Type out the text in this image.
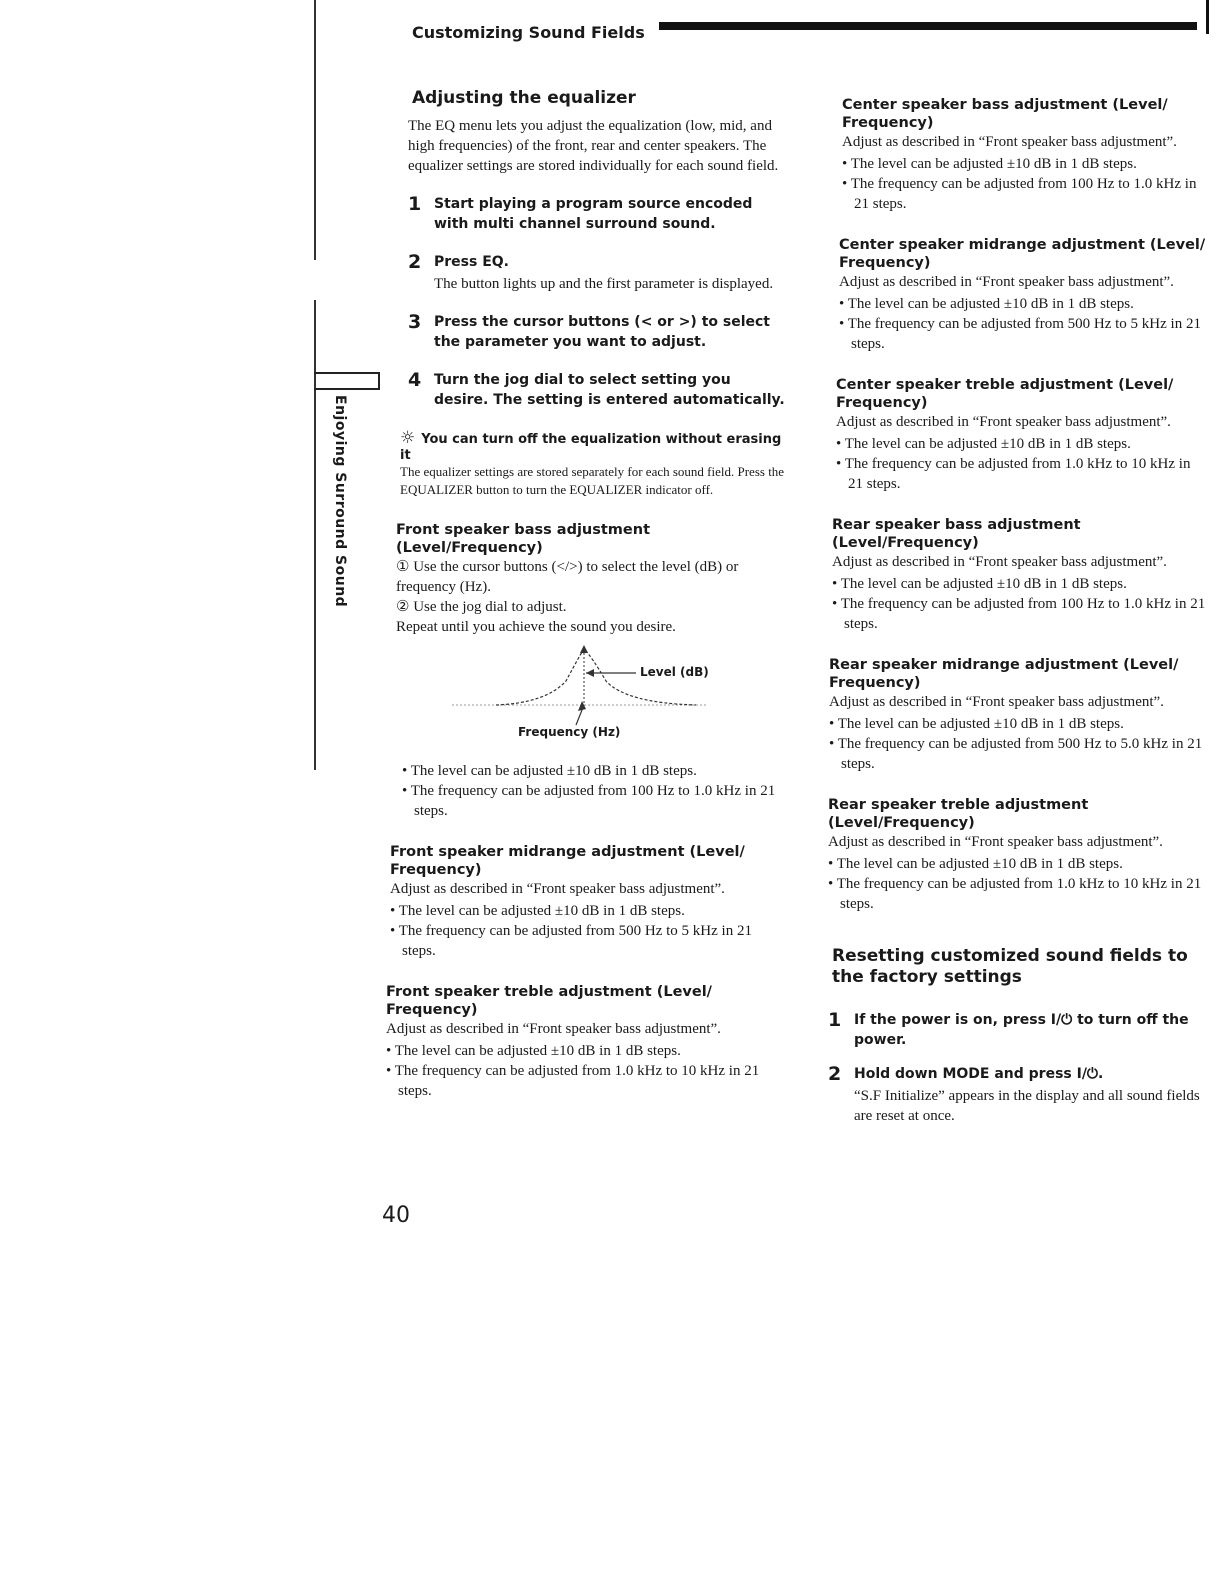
Customizing Sound Fields
Enjoying Surround Sound
Adjusting the equalizer

The EQ menu lets you adjust the equalization (low, mid, and high frequencies) of the front, rear and center speakers. The equalizer settings are stored individually for each sound field.

1 Start playing a program source encoded with multi channel surround sound.
2 Press EQ.
The button lights up and the first parameter is displayed.
3 Press the cursor buttons (< or >) to select the parameter you want to adjust.
4 Turn the jog dial to select setting you desire. The setting is entered automatically.
☼ You can turn off the equalization without erasing it
The equalizer settings are stored separately for each sound field. Press the EQUALIZER button to turn the EQUALIZER indicator off.

Front speaker bass adjustment (Level/Frequency)

① Use the cursor buttons (</>) to select the level (dB) or frequency (Hz).

② Use the jog dial to adjust.

Repeat until you achieve the sound you desire.

Level (dB)
Frequency (Hz)
• The level can be adjusted ±10 dB in 1 dB steps.
• The frequency can be adjusted from 100 Hz to 1.0 kHz in 21 steps.

Front speaker midrange adjustment (Level/ Frequency)

Adjust as described in “Front speaker bass adjustment”.

• The level can be adjusted ±10 dB in 1 dB steps.
• The frequency can be adjusted from 500 Hz to 5 kHz in 21 steps.

Front speaker treble adjustment (Level/ Frequency)

Adjust as described in “Front speaker bass adjustment”.

• The level can be adjusted ±10 dB in 1 dB steps.
• The frequency can be adjusted from 1.0 kHz to 10 kHz in 21 steps.

Center speaker bass adjustment (Level/ Frequency)

Adjust as described in “Front speaker bass adjustment”.

• The level can be adjusted ±10 dB in 1 dB steps.
• The frequency can be adjusted from 100 Hz to 1.0 kHz in 21 steps.

Center speaker midrange adjustment (Level/ Frequency)

Adjust as described in “Front speaker bass adjustment”.

• The level can be adjusted ±10 dB in 1 dB steps.
• The frequency can be adjusted from 500 Hz to 5 kHz in 21 steps.

Center speaker treble adjustment (Level/ Frequency)

Adjust as described in “Front speaker bass adjustment”.

• The level can be adjusted ±10 dB in 1 dB steps.
• The frequency can be adjusted from 1.0 kHz to 10 kHz in 21 steps.

Rear speaker bass adjustment (Level/Frequency)

Adjust as described in “Front speaker bass adjustment”.

• The level can be adjusted ±10 dB in 1 dB steps.
• The frequency can be adjusted from 100 Hz to 1.0 kHz in 21 steps.

Rear speaker midrange adjustment (Level/ Frequency)

Adjust as described in “Front speaker bass adjustment”.

• The level can be adjusted ±10 dB in 1 dB steps.
• The frequency can be adjusted from 500 Hz to 5.0 kHz in 21 steps.

Rear speaker treble adjustment (Level/Frequency)

Adjust as described in “Front speaker bass adjustment”.

• The level can be adjusted ±10 dB in 1 dB steps.
• The frequency can be adjusted from 1.0 kHz to 10 kHz in 21 steps.
Resetting customized sound fields to the factory settings
1 If the power is on, press I/⏻ to turn off the power.
2 Hold down MODE and press I/⏻.
“S.F Initialize” appears in the display and all sound fields are reset at once.
40
